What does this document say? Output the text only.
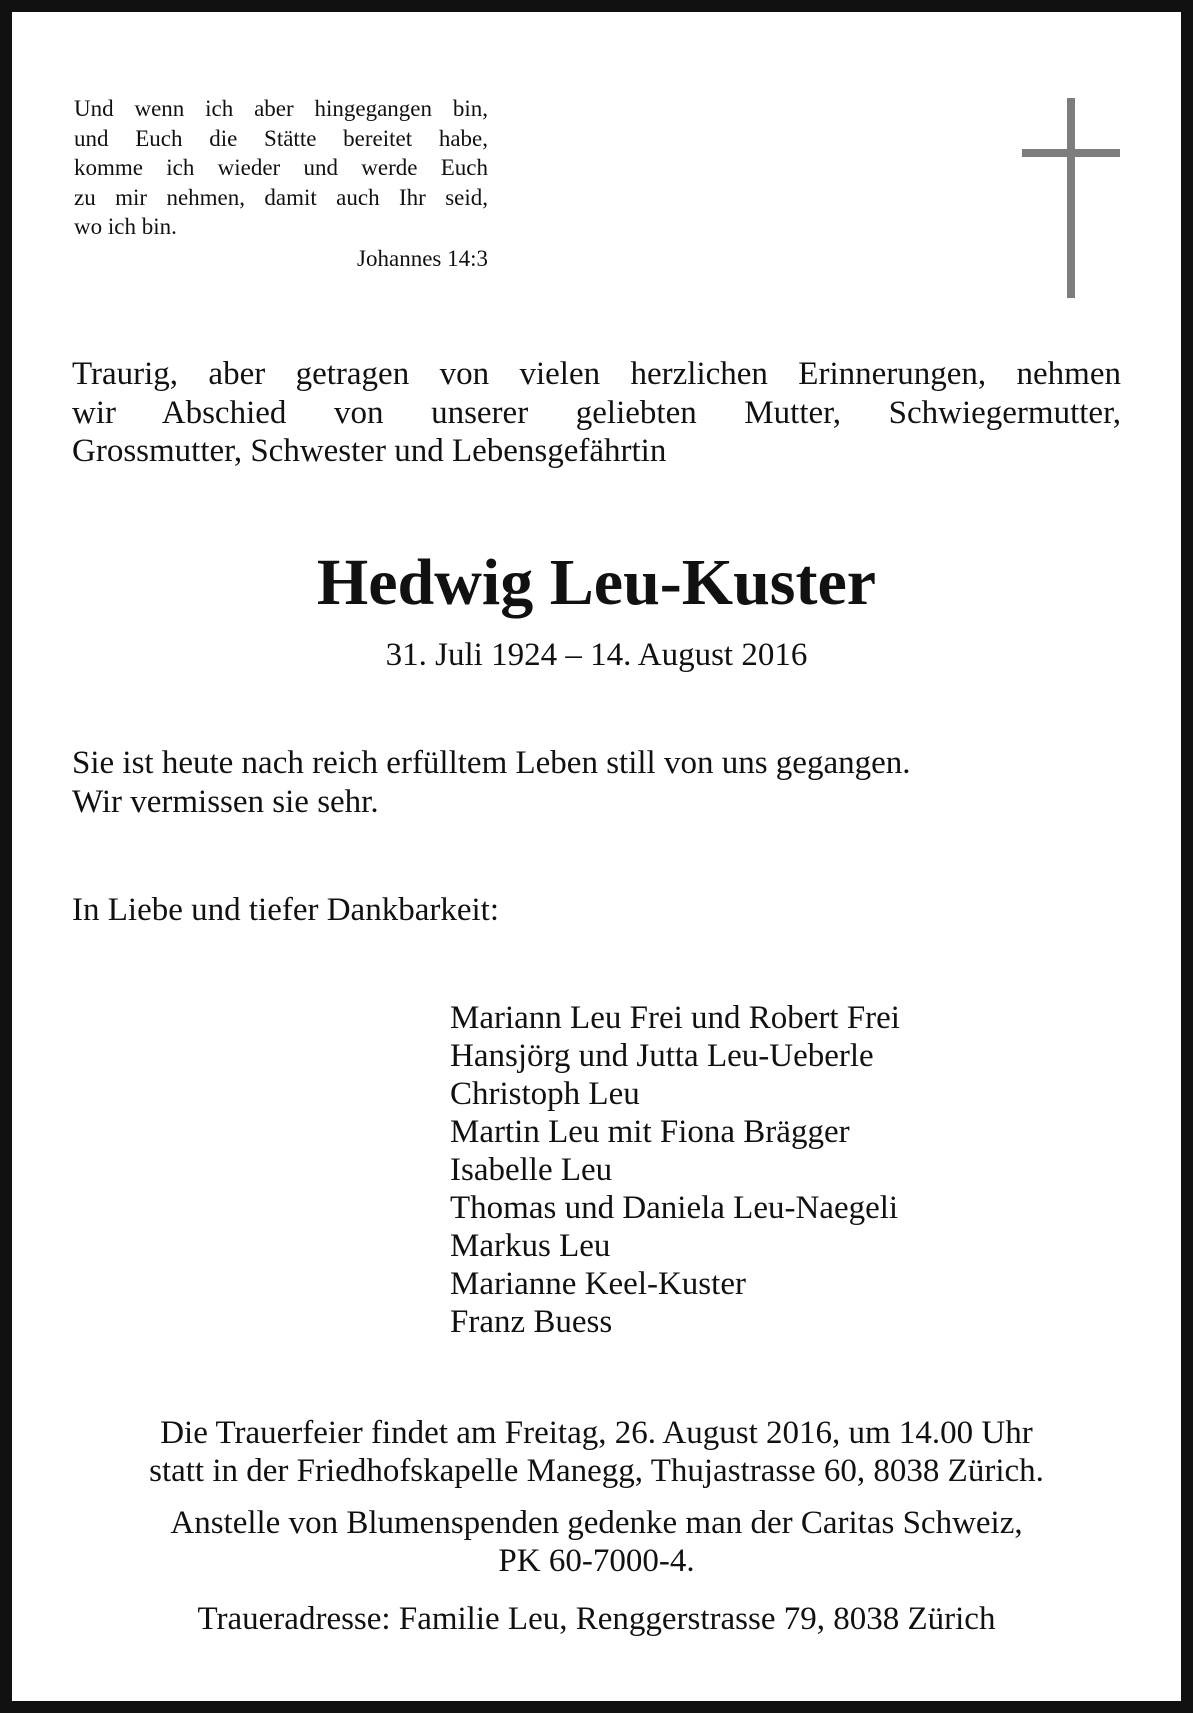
Und wenn ich aber hingegangen bin,
und Euch die Stätte bereitet habe,
komme ich wieder und werde Euch
zu mir nehmen, damit auch Ihr seid,
wo ich bin.
Johannes 14:3
Traurig, aber getragen von vielen herzlichen Erinnerungen, nehmen
wir Abschied von unserer geliebten Mutter, Schwiegermutter,
Grossmutter, Schwester und Lebensgefährtin
Hedwig Leu-Kuster
31. Juli 1924 – 14. August 2016
Sie ist heute nach reich erfülltem Leben still von uns gegangen.
Wir vermissen sie sehr.
In Liebe und tiefer Dankbarkeit:
Mariann Leu Frei und Robert Frei
Hansjörg und Jutta Leu-Ueberle
Christoph Leu
Martin Leu mit Fiona Brägger
Isabelle Leu
Thomas und Daniela Leu-Naegeli
Markus Leu
Marianne Keel-Kuster
Franz Buess
Die Trauerfeier findet am Freitag, 26. August 2016, um 14.00 Uhr
statt in der Friedhofskapelle Manegg, Thujastrasse 60, 8038 Zürich.
Anstelle von Blumenspenden gedenke man der Caritas Schweiz,
PK 60-7000-4.
Traueradresse: Familie Leu, Renggerstrasse 79, 8038 Zürich
